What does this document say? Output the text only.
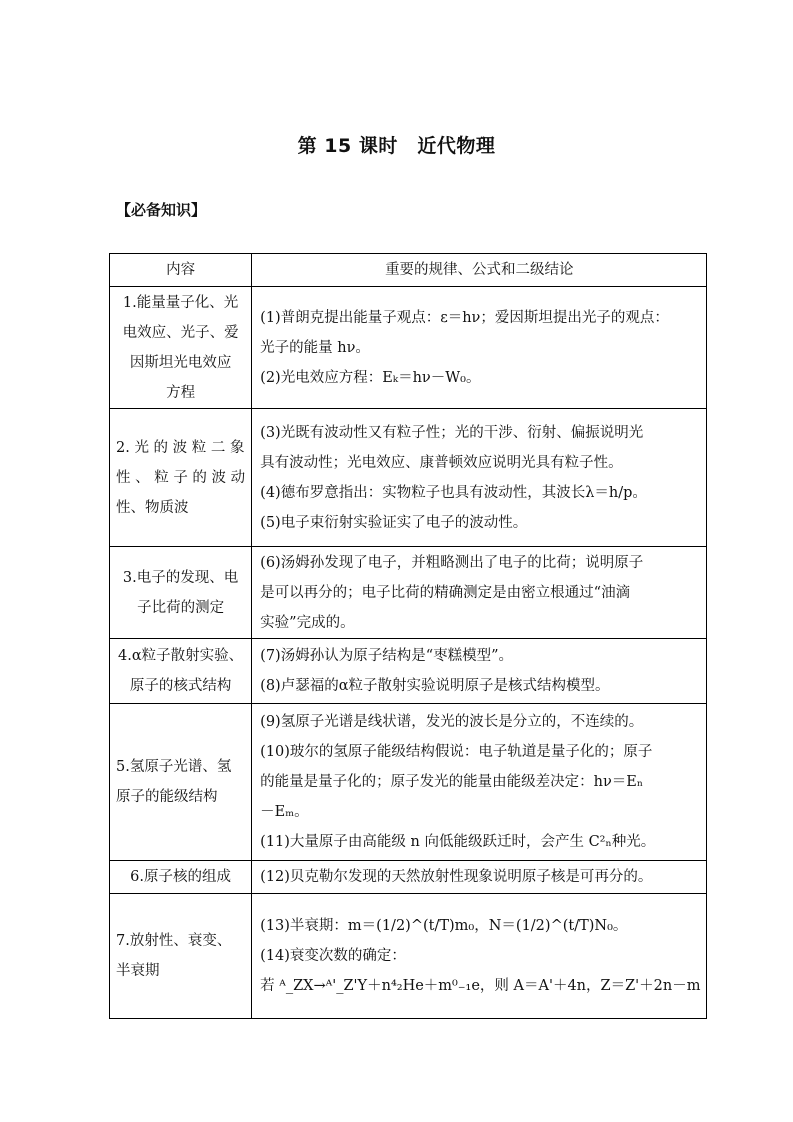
第 15 课时　近代物理
【必备知识】
内容	重要的规律、公式和二级结论

1.能量量子化、光
电效应、光子、爱
因斯坦光电效应
方程	(1)普朗克提出能量子观点：ε＝hν；爱因斯坦提出光子的观点：
光子的能量 hν。
(2)光电效应方程：Eₖ＝hν－W₀。

2. 光 的 波 粒 二 象
性 、 粒 子 的 波 动
性、物质波	(3)光既有波动性又有粒子性；光的干涉、衍射、偏振说明光
具有波动性；光电效应、康普顿效应说明光具有粒子性。
(4)德布罗意指出：实物粒子也具有波动性，其波长λ＝h/p。
(5)电子束衍射实验证实了电子的波动性。

3.电子的发现、电
子比荷的测定	(6)汤姆孙发现了电子，并粗略测出了电子的比荷；说明原子
是可以再分的；电子比荷的精确测定是由密立根通过“油滴
实验”完成的。

4.α粒子散射实验、
原子的核式结构	(7)汤姆孙认为原子结构是“枣糕模型”。
(8)卢瑟福的α粒子散射实验说明原子是核式结构模型。

5.氢原子光谱、氢
原子的能级结构	(9)氢原子光谱是线状谱，发光的波长是分立的，不连续的。
(10)玻尔的氢原子能级结构假说：电子轨道是量子化的；原子
的能量是量子化的；原子发光的能量由能级差决定：hν＝Eₙ
－Eₘ。
(11)大量原子由高能级 n 向低能级跃迁时，会产生 C²ₙ种光。

6.原子核的组成	(12)贝克勒尔发现的天然放射性现象说明原子核是可再分的。

7.放射性、衰变、
半衰期	(13)半衰期：m＝(1/2)^(t/T)m₀，N＝(1/2)^(t/T)N₀。
(14)衰变次数的确定：
若 ᴬ_ZX→ᴬ'_Z'Y＋n⁴₂He＋m⁰₋₁e，则 A＝A'＋4n，Z＝Z'＋2n－m
